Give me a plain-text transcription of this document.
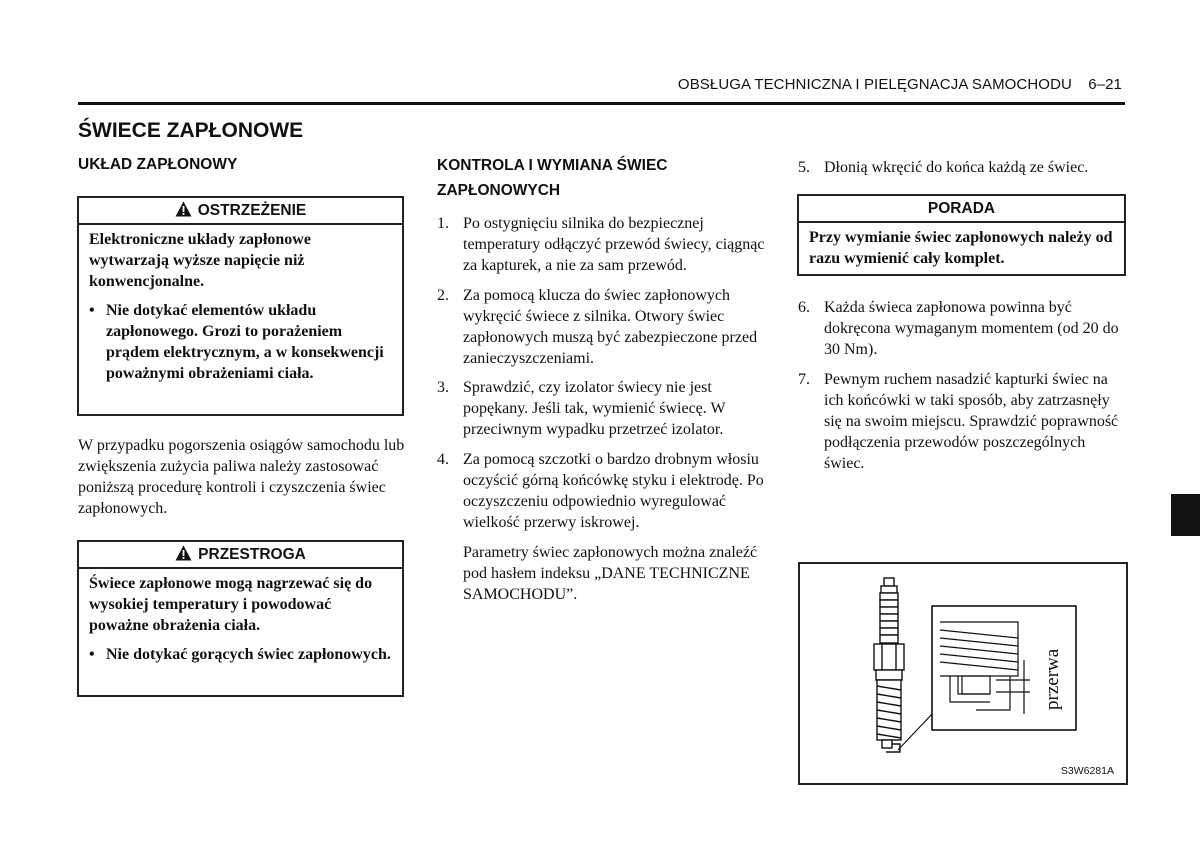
OBSŁUGA TECHNICZNA I PIELĘGNACJA SAMOCHODU 6–21
ŚWIECE ZAPŁONOWE
UKŁAD ZAPŁONOWY
OSTRZEŻENIE

Elektroniczne układy zapłonowe wytwarzają wyższe napięcie niż konwencjonalne.

• Nie dotykać elementów układu zapłonowego. Grozi to porażeniem prądem elektrycznym, a w konsekwencji poważnymi obrażeniami ciała.

W przypadku pogorszenia osiągów samochodu lub zwiększenia zużycia paliwa należy zastosować poniższą procedurę kontroli i czyszczenia świec zapłonowych.

PRZESTROGA

Świece zapłonowe mogą nagrzewać się do wysokiej temperatury i powodować poważne obrażenia ciała.

• Nie dotykać gorących świec zapłonowych.
KONTROLA I WYMIANA ŚWIEC
ZAPŁONOWYCH
1. Po ostygnięciu silnika do bezpiecznej temperatury odłączyć przewód świecy, ciągnąc za kapturek, a nie za sam przewód.
2. Za pomocą klucza do świec zapłonowych wykręcić świece z silnika. Otwory świec zapłonowych muszą być zabezpieczone przed zanieczyszczeniami.
3. Sprawdzić, czy izolator świecy nie jest popękany. Jeśli tak, wymienić świecę. W przeciwnym wypadku przetrzeć izolator.
4. Za pomocą szczotki o bardzo drobnym włosiu oczyścić górną końcówkę styku i elektrodę. Po oczyszczeniu odpowiednio wyregulować wielkość przerwy iskrowej.

Parametry świec zapłonowych można znaleźć pod hasłem indeksu „DANE TECHNICZNE SAMOCHODU”.

5. Dłonią wkręcić do końca każdą ze świec.
PORADA

Przy wymianie świec zapłonowych należy od razu wymienić cały komplet.

6. Każda świeca zapłonowa powinna być dokręcona wymaganym momentem (od 20 do 30 Nm).
7. Pewnym ruchem nasadzić kapturki świec na ich końcówki w taki sposób, aby zatrzasnęły się na swoim miejscu. Sprawdzić poprawność podłączenia przewodów poszczególnych świec.
przerwa
S3W6281A
